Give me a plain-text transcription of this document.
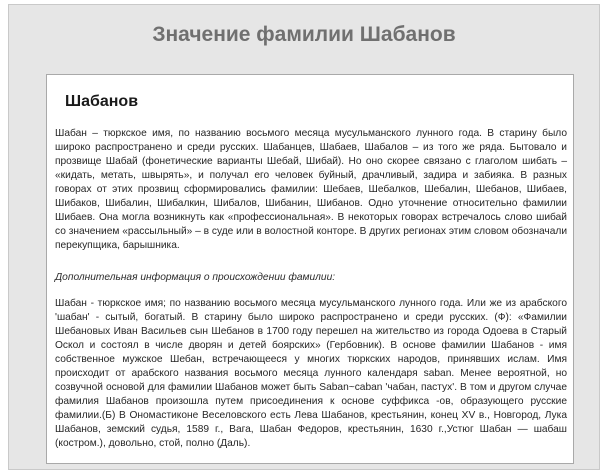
Значение фамилии Шабанов
Шабанов

Шабан – тюркское имя, по названию восьмого месяца мусульманского лунного года. В старину было широко распространено и среди русских. Шабанцев, Шабаев, Шабалов – из того же ряда. Бытовало и прозвище Шабай (фонетические варианты Шебай, Шибай). Но оно скорее связано с глаголом шибать – «кидать, метать, швырять», и получал его человек буйный, драчливый, задира и забияка. В разных говорах от этих прозвищ сформировались фамилии: Шебаев, Шебалков, Шебалин, Шебанов, Шибаев, Шибаков, Шибалин, Шибалкин, Шибалов, Шибанин, Шибанов. Одно уточнение относительно фамилии Шибаев. Она могла возникнуть как «профессиональная». В некоторых говорах встречалось слово шибай со значением «рассыльный» – в суде или в волостной конторе. В других регионах этим словом обозначали перекупщика, барышника.

Дополнительная информация о происхождении фамилии:

Шабан - тюркское имя; по названию восьмого месяца мусульманского лунного года. Или же из арабского 'шабан' - сытый, богатый. В старину было широко распространено и среди русских. (Ф): «Фамилии Шебановых Иван Васильев сын Шебанов в 1700 году перешел на жительство из города Одоева в Старый Оскол и состоял в числе дворян и детей боярских» (Гербовник). В основе фамилии Шабанов - имя собственное мужское Шебан, встречающееся у многих тюркских народов, принявших ислам. Имя происходит от арабского названия восьмого месяца лунного календаря saban. Менее вероятной, но созвучной основой для фамилии Шабанов может быть Saban~caban 'чабан, пастух'. В том и другом случае фамилия Шабанов произошла путем присоединения к основе суффикса -ов, образующего русские фамилии.(Б) В Ономастиконе Веселовского есть Лева Шабанов, крестьянин, конец XV в., Новгород, Лука Шабанов, земский судья, 1589 г., Вага, Шабан Федоров, крестьянин, 1630 г.,Устюг Шабан — шабаш (костром.), довольно, стой, полно (Даль).
